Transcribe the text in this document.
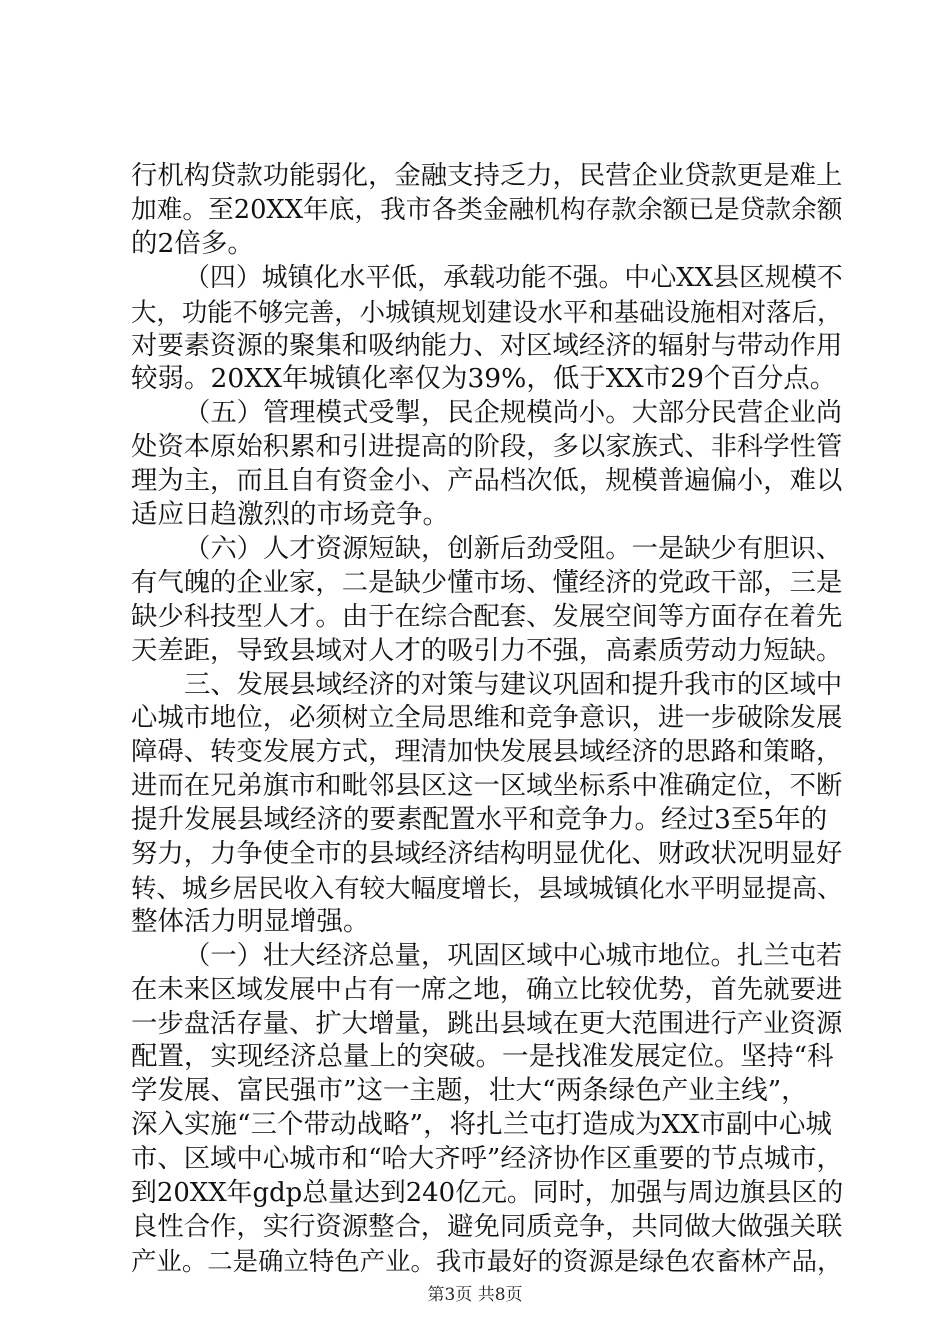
行机构贷款功能弱化，金融支持乏力，民营企业贷款更是难上
加难。至20XX年底，我市各类金融机构存款余额已是贷款余额
的2倍多。
（四）城镇化水平低，承载功能不强。中心XX县区规模不
大，功能不够完善，小城镇规划建设水平和基础设施相对落后，
对要素资源的聚集和吸纳能力、对区域经济的辐射与带动作用
较弱。20XX年城镇化率仅为39%，低于XX市29个百分点。
（五）管理模式受掣，民企规模尚小。大部分民营企业尚
处资本原始积累和引进提高的阶段，多以家族式、非科学性管
理为主，而且自有资金小、产品档次低，规模普遍偏小，难以
适应日趋激烈的市场竞争。
（六）人才资源短缺，创新后劲受阻。一是缺少有胆识、
有气魄的企业家，二是缺少懂市场、懂经济的党政干部，三是
缺少科技型人才。由于在综合配套、发展空间等方面存在着先
天差距，导致县域对人才的吸引力不强，高素质劳动力短缺。
三、发展县域经济的对策与建议巩固和提升我市的区域中
心城市地位，必须树立全局思维和竞争意识，进一步破除发展
障碍、转变发展方式，理清加快发展县域经济的思路和策略，
进而在兄弟旗市和毗邻县区这一区域坐标系中准确定位，不断
提升发展县域经济的要素配置水平和竞争力。经过3至5年的
努力，力争使全市的县域经济结构明显优化、财政状况明显好
转、城乡居民收入有较大幅度增长，县域城镇化水平明显提高、
整体活力明显增强。
（一）壮大经济总量，巩固区域中心城市地位。扎兰屯若
在未来区域发展中占有一席之地，确立比较优势，首先就要进
一步盘活存量、扩大增量，跳出县域在更大范围进行产业资源
配置，实现经济总量上的突破。一是找准发展定位。坚持“科
学发展、富民强市”这一主题，壮大“两条绿色产业主线”，
深入实施“三个带动战略”，将扎兰屯打造成为XX市副中心城
市、区域中心城市和“哈大齐呼”经济协作区重要的节点城市，
到20XX年gdp总量达到240亿元。同时，加强与周边旗县区的
良性合作，实行资源整合，避免同质竞争，共同做大做强关联
产业。二是确立特色产业。我市最好的资源是绿色农畜林产品，
第3页 共8页
